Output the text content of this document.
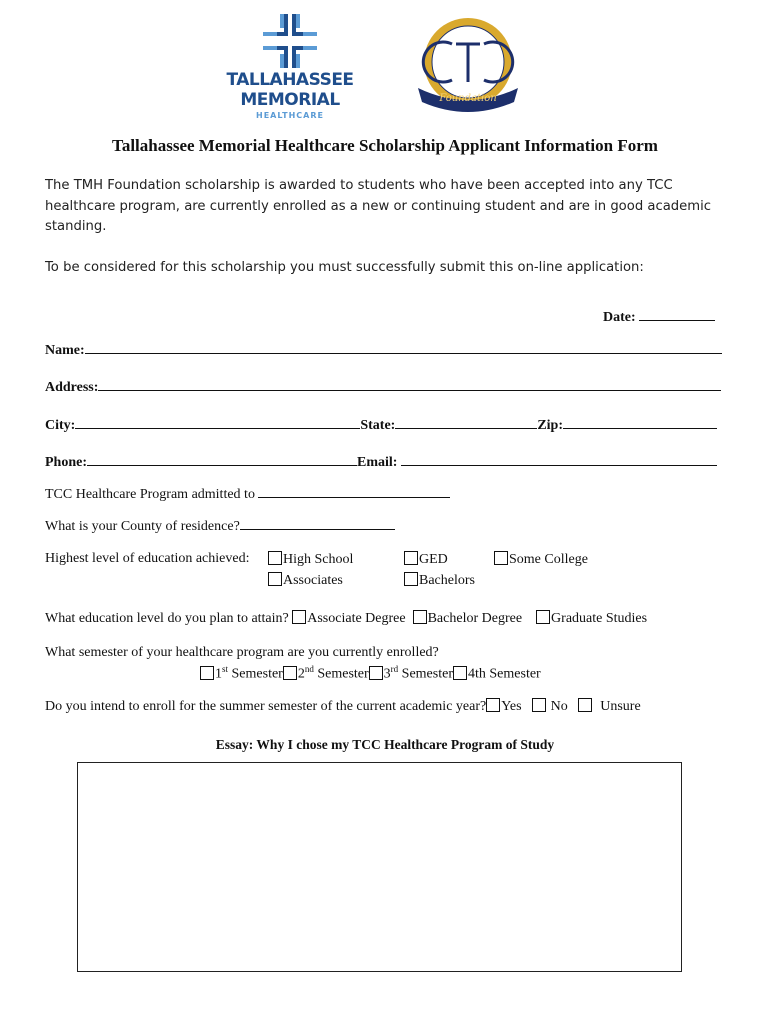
TALLAHASSEE
MEMORIAL
HEALTHCARE
Foundation
Tallahassee Memorial Healthcare Scholarship Applicant Information Form
The TMH Foundation scholarship is awarded to students who have been accepted into any TCC healthcare program, are currently enrolled as a new or continuing student and are in good academic standing.
To be considered for this scholarship you must successfully submit this on-line application:
Date:
Name:
Address:
City:	State:	Zip:
Phone:	Email:
TCC Healthcare Program admitted to
What is your County of residence?
Highest level of education achieved:	High School	GED	Some College
Associates	Bachelors
What education level do you plan to attain? Associate Degree Bachelor Degree Graduate Studies
What semester of your healthcare program are you currently enrolled?
1st Semester 2nd Semester 3rd Semester 4th Semester
Do you intend to enroll for the summer semester of the current academic year? Yes No Unsure
Essay: Why I chose my TCC Healthcare Program of Study
